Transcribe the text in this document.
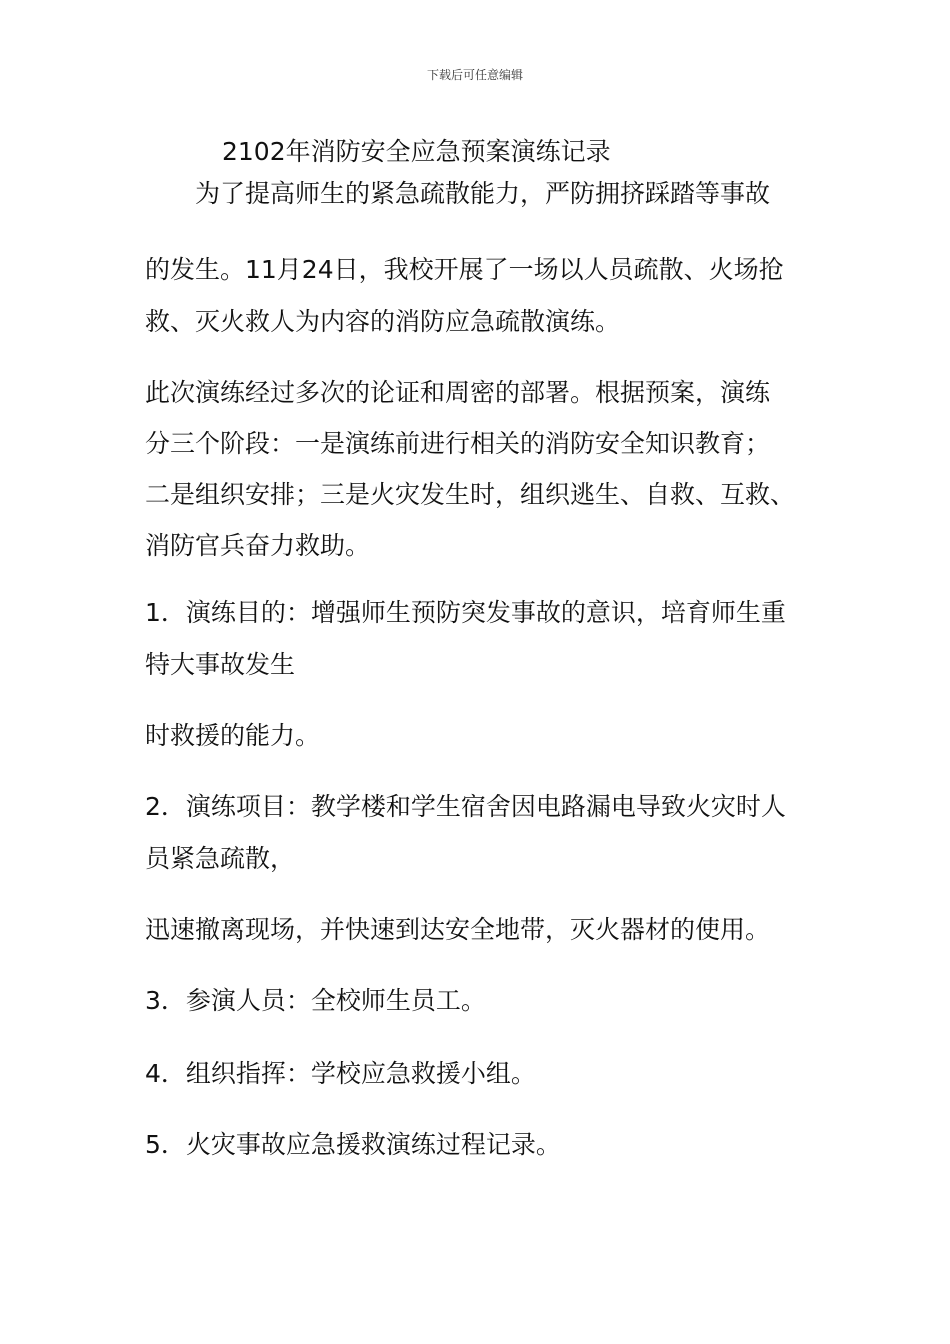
下载后可任意编辑

2102年消防安全应急预案演练记录

为了提高师生的紧急疏散能力，严防拥挤踩踏等事故

的发生。11月24日，我校开展了一场以人员疏散、火场抢

救、灭火救人为内容的消防应急疏散演练。

此次演练经过多次的论证和周密的部署。根据预案，演练

分三个阶段：一是演练前进行相关的消防安全知识教育；

二是组织安排；三是火灾发生时，组织逃生、自救、互救、

消防官兵奋力救助。

1．演练目的：增强师生预防突发事故的意识，培育师生重

特大事故发生

时救援的能力。

2．演练项目：教学楼和学生宿舍因电路漏电导致火灾时人

员紧急疏散，

迅速撤离现场，并快速到达安全地带，灭火器材的使用。

3．参演人员：全校师生员工。

4．组织指挥：学校应急救援小组。

5．火灾事故应急援救演练过程记录。
